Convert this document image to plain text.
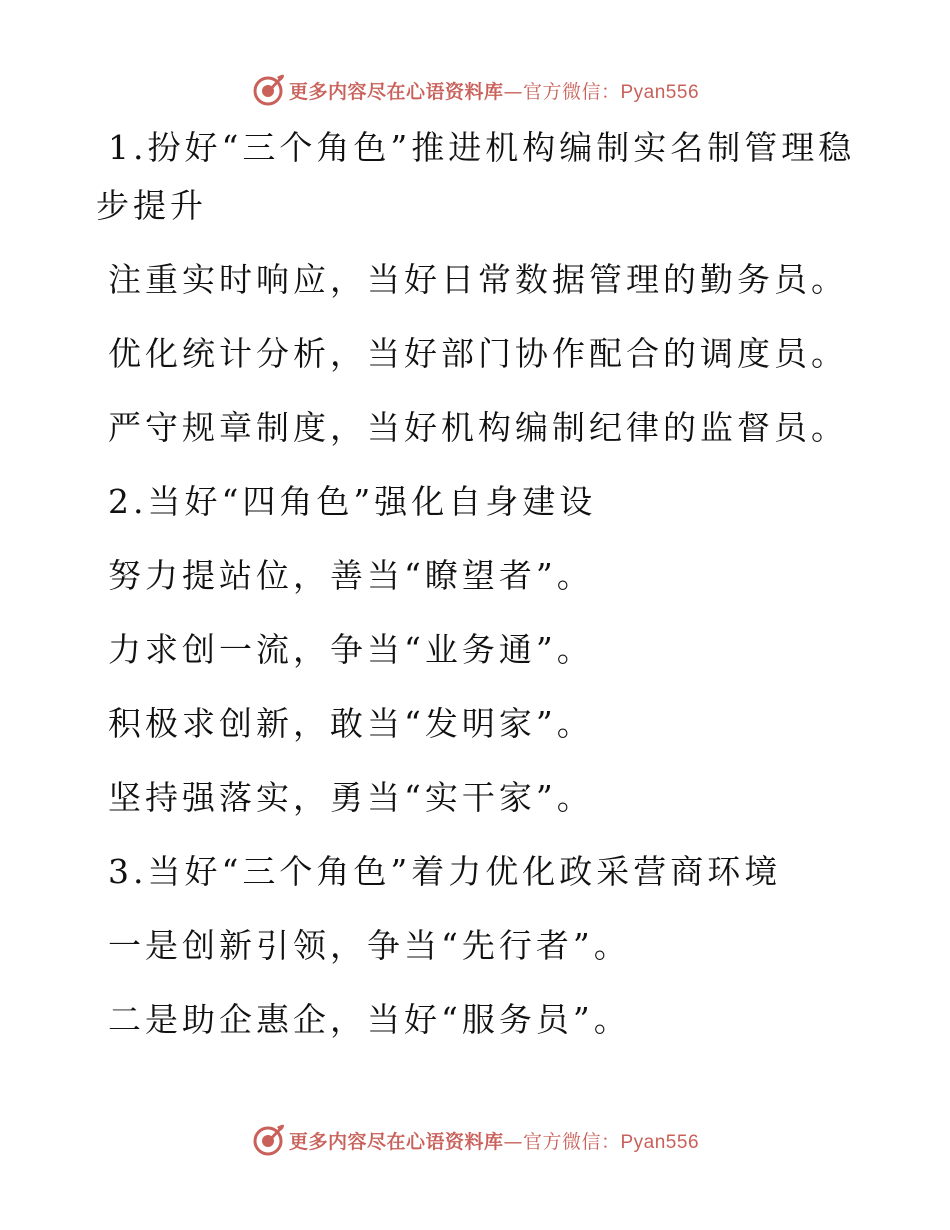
更多内容尽在心语资料库—官方微信：Pyan556
1.扮好“三个角色”推进机构编制实名制管理稳
步提升
注重实时响应，当好日常数据管理的勤务员。
优化统计分析，当好部门协作配合的调度员。
严守规章制度，当好机构编制纪律的监督员。
2.当好“四角色”强化自身建设
努力提站位，善当“瞭望者”。
力求创一流，争当“业务通”。
积极求创新，敢当“发明家”。
坚持强落实，勇当“实干家”。
3.当好“三个角色”着力优化政采营商环境
一是创新引领，争当“先行者”。
二是助企惠企，当好“服务员”。
更多内容尽在心语资料库—官方微信：Pyan556
